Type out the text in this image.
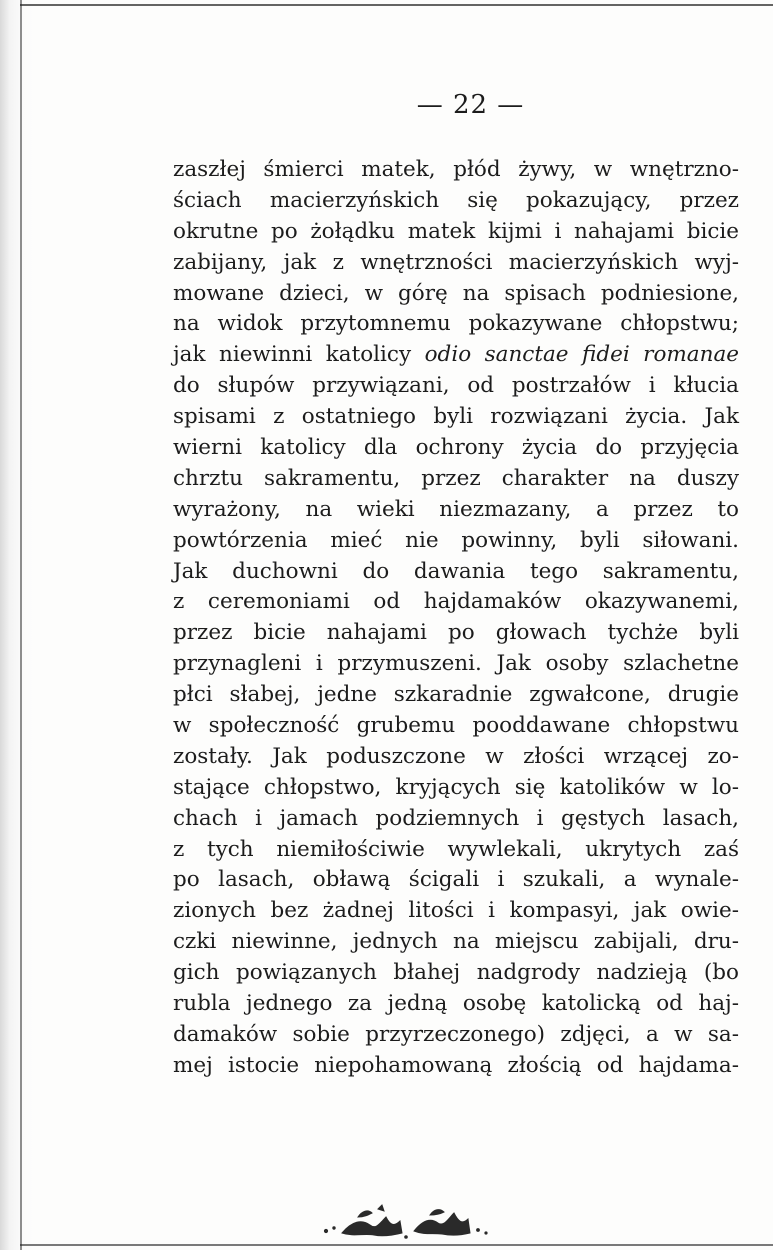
— 22 —
zaszłej śmierci matek, płód żywy, w wnętrzno-
ściach macierzyńskich się pokazujący, przez
okrutne po żołądku matek kijmi i nahajami bicie
zabijany, jak z wnętrzności macierzyńskich wyj-
mowane dzieci, w górę na spisach podniesione,
na widok przytomnemu pokazywane chłopstwu;
jak niewinni katolicy odio sanctae fidei romanae
do słupów przywiązani, od postrzałów i kłucia
spisami z ostatniego byli rozwiązani życia. Jak
wierni katolicy dla ochrony życia do przyjęcia
chrztu sakramentu, przez charakter na duszy
wyrażony, na wieki niezmazany, a przez to
powtórzenia mieć nie powinny, byli siłowani.
Jak duchowni do dawania tego sakramentu,
z ceremoniami od hajdamaków okazywanemi,
przez bicie nahajami po głowach tychże byli
przynagleni i przymuszeni. Jak osoby szlachetne
płci słabej, jedne szkaradnie zgwałcone, drugie
w społeczność grubemu pooddawane chłopstwu
zostały. Jak poduszczone w złości wrzącej zo-
stające chłopstwo, kryjących się katolików w lo-
chach i jamach podziemnych i gęstych lasach,
z tych niemiłościwie wywlekali, ukrytych zaś
po lasach, obławą ścigali i szukali, a wynale-
zionych bez żadnej litości i kompasyi, jak owie-
czki niewinne, jednych na miejscu zabijali, dru-
gich powiązanych błahej nadgrody nadzieją (bo
rubla jednego za jedną osobę katolicką od haj-
damaków sobie przyrzeczonego) zdjęci, a w sa-
mej istocie niepohamowaną złością od hajdama-
